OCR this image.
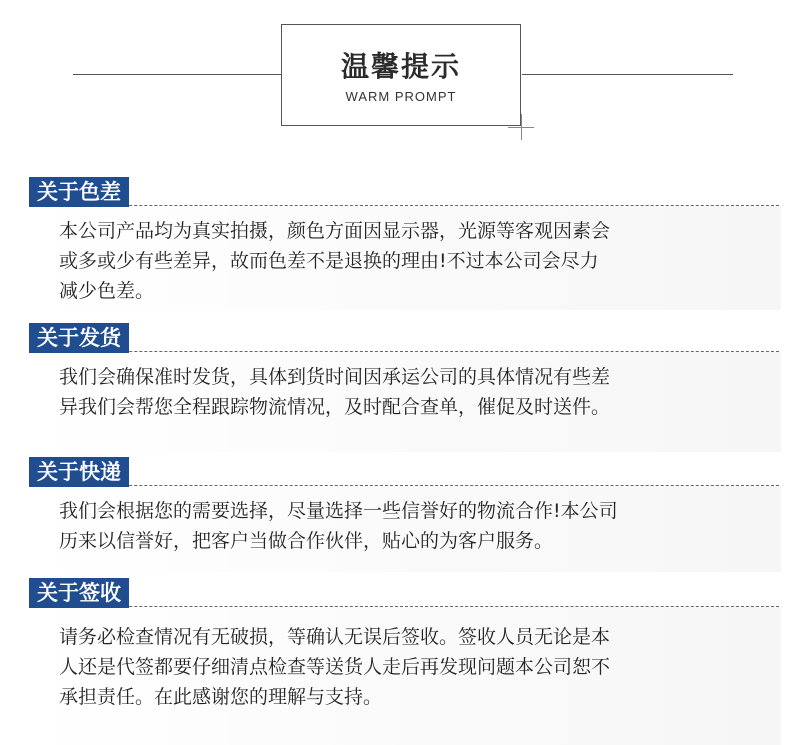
温馨提示
WARM PROMPT
关于色差
本公司产品均为真实拍摄，颜色方面因显示器，光源等客观因素会
或多或少有些差异，故而色差不是退换的理由!不过本公司会尽力
减少色差。
关于发货
我们会确保准时发货，具体到货时间因承运公司的具体情况有些差
异我们会帮您全程跟踪物流情况，及时配合查单，催促及时送件。
关于快递
我们会根据您的需要选择，尽量选择一些信誉好的物流合作!本公司
历来以信誉好，把客户当做合作伙伴，贴心的为客户服务。
关于签收
请务必检查情况有无破损，等确认无误后签收。签收人员无论是本
人还是代签都要仔细清点检查等送货人走后再发现问题本公司恕不
承担责任。在此感谢您的理解与支持。
